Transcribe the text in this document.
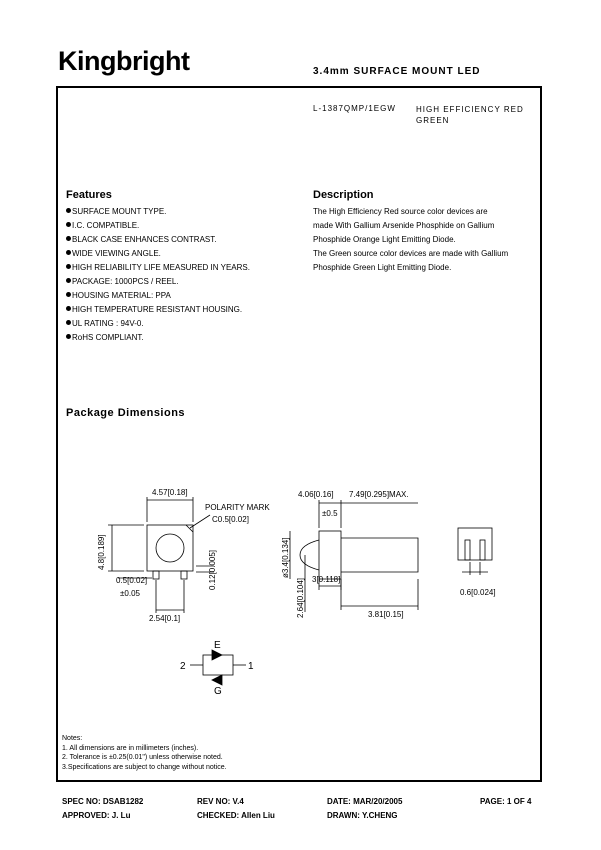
Kingbright	3.4mm SURFACE MOUNT LED
L-1387QMP/1EGW	HIGH EFFICIENCY RED
GREEN
Features
SURFACE MOUNT TYPE.
I.C. COMPATIBLE.
BLACK CASE ENHANCES CONTRAST.
WIDE VIEWING ANGLE.
HIGH RELIABILITY LIFE MEASURED IN YEARS.
PACKAGE: 1000PCS / REEL.
HOUSING MATERIAL: PPA
HIGH TEMPERATURE RESISTANT HOUSING.
UL RATING : 94V-0.
RoHS COMPLIANT.
Description
The High Efficiency Red source color devices are
made With Gallium Arsenide Phosphide on Gallium
Phosphide Orange Light Emitting Diode.
The Green source color devices are made with Gallium
Phosphide Green Light Emitting Diode.
Package Dimensions
4.57[0.18]
POLARITY MARK
C0.5[0.02]
4.8[0.189]	0.12[0.005]
0.5[0.02]
±0.05
2.54[0.1]
4.06[0.16] 7.49[0.295]MAX.
±0.5
ø3.4[0.134]
2.64[0.104] 3[0.118]
3.81[0.15]
0.6[0.024]
E
G
2	1
Notes:
1. All dimensions are in millimeters (inches).
2. Tolerance is ±0.25(0.01") unless otherwise noted.
3.Specifications are subject to change without notice.
SPEC NO: DSAB1282	REV NO: V.4	DATE: MAR/20/2005	PAGE: 1 OF 4
APPROVED: J. Lu	CHECKED: Allen Liu	DRAWN: Y.CHENG
